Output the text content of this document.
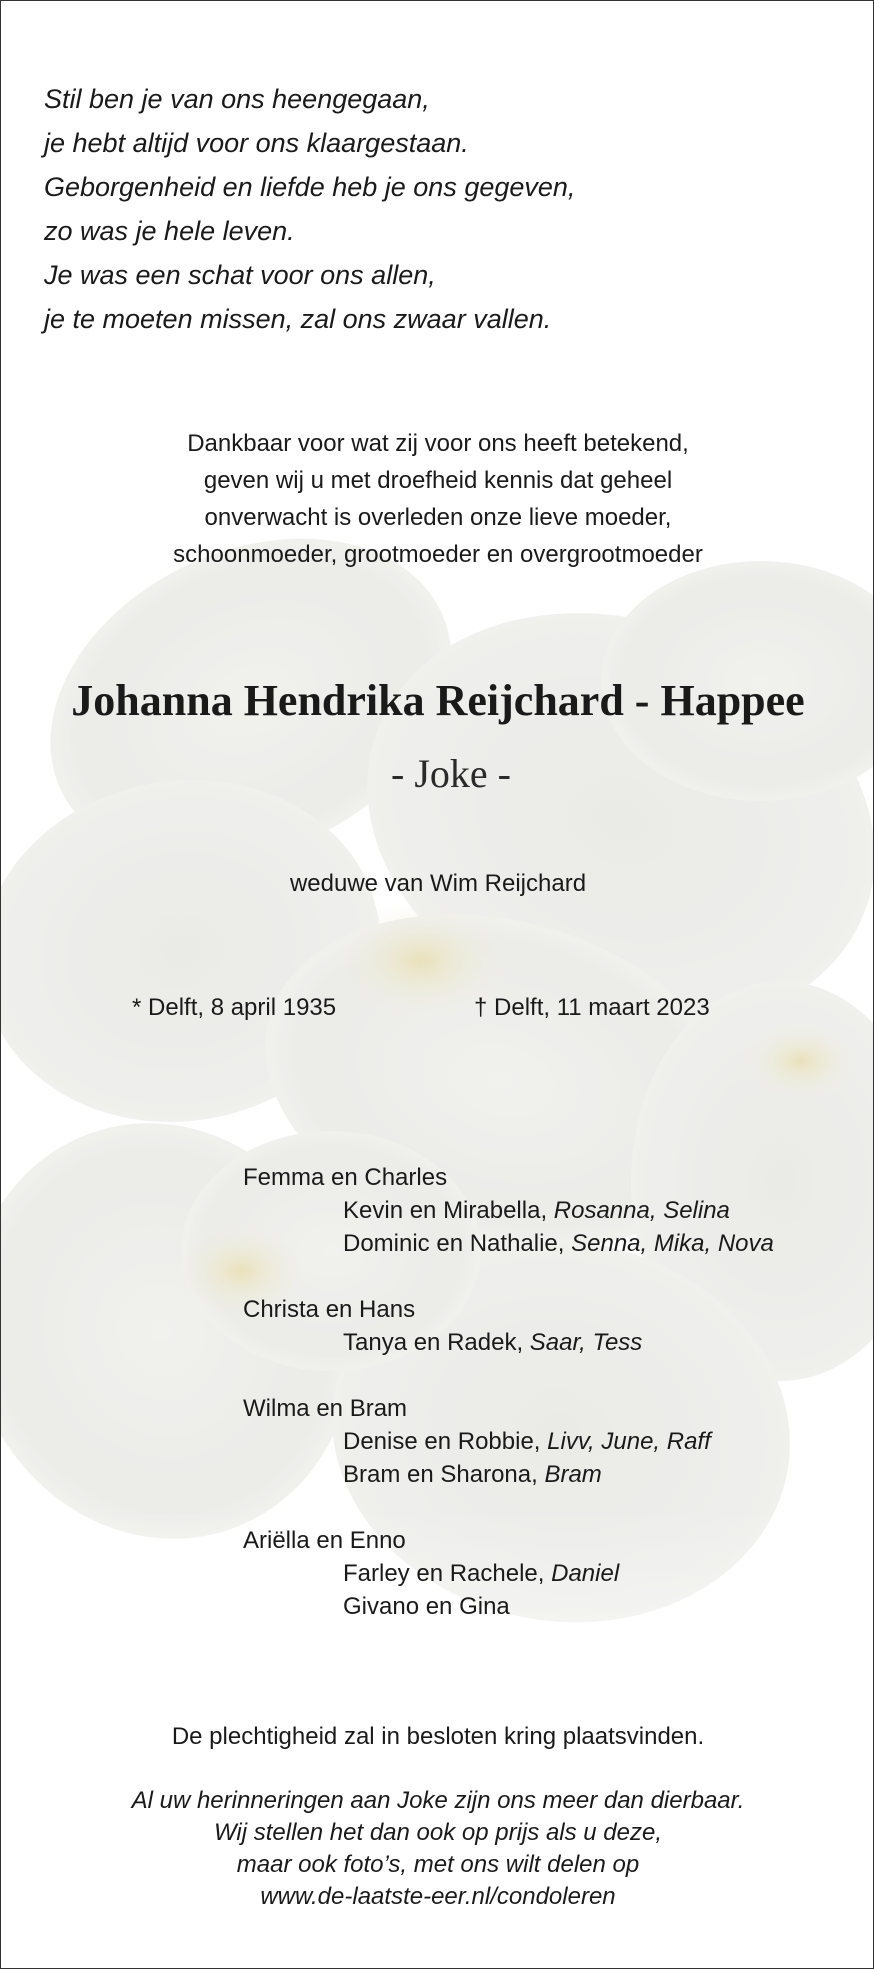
Stil ben je van ons heengegaan,
je hebt altijd voor ons klaargestaan.
Geborgenheid en liefde heb je ons gegeven,
zo was je hele leven.
Je was een schat voor ons allen,
je te moeten missen, zal ons zwaar vallen.
Dankbaar voor wat zij voor ons heeft betekend,
geven wij u met droefheid kennis dat geheel
onverwacht is overleden onze lieve moeder,
schoonmoeder, grootmoeder en overgrootmoeder
Johanna Hendrika Reijchard - Happee
- Joke -
weduwe van Wim Reijchard
* Delft, 8 april 1935	† Delft, 11 maart 2023
Femma en Charles
Kevin en Mirabella, Rosanna, Selina
Dominic en Nathalie, Senna, Mika, Nova
Christa en Hans
Tanya en Radek, Saar, Tess
Wilma en Bram
Denise en Robbie, Livv, June, Raff
Bram en Sharona, Bram
Ariëlla en Enno
Farley en Rachele, Daniel
Givano en Gina
De plechtigheid zal in besloten kring plaatsvinden.
Al uw herinneringen aan Joke zijn ons meer dan dierbaar.
Wij stellen het dan ook op prijs als u deze,
maar ook foto’s, met ons wilt delen op
www.de-laatste-eer.nl/condoleren
